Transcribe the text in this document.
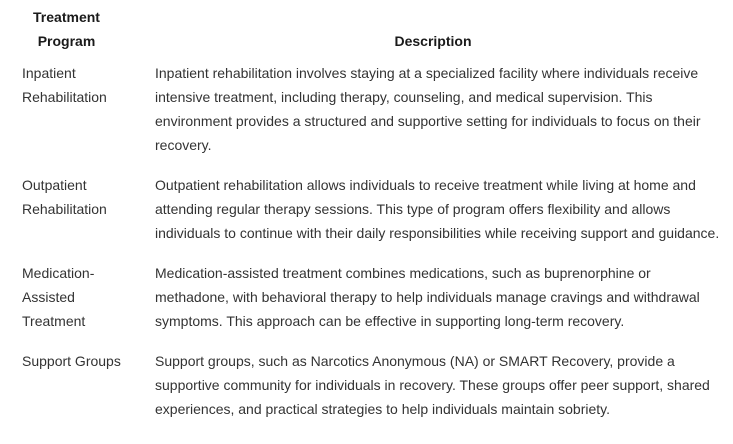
Treatment Program	Description
Inpatient Rehabilitation	Inpatient rehabilitation involves staying at a specialized facility where individuals receive intensive treatment, including therapy, counseling, and medical supervision. This environment provides a structured and supportive setting for individuals to focus on their recovery.
Outpatient Rehabilitation	Outpatient rehabilitation allows individuals to receive treatment while living at home and attending regular therapy sessions. This type of program offers flexibility and allows individuals to continue with their daily responsibilities while receiving support and guidance.
Medication-Assisted Treatment	Medication-assisted treatment combines medications, such as buprenorphine or methadone, with behavioral therapy to help individuals manage cravings and withdrawal symptoms. This approach can be effective in supporting long-term recovery.
Support Groups	Support groups, such as Narcotics Anonymous (NA) or SMART Recovery, provide a supportive community for individuals in recovery. These groups offer peer support, shared experiences, and practical strategies to help individuals maintain sobriety.
